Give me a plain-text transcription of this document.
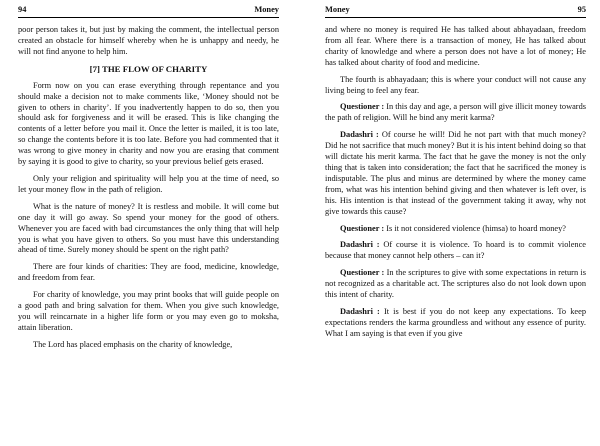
94	Money

poor person takes it, but just by making the comment, the intellectual person created an obstacle for himself whereby when he is unhappy and needy, he will not find anyone to help him.

[7] THE FLOW OF CHARITY

Form now on you can erase everything through repentance and you should make a decision not to make comments like, ‘Money should not be given to others in charity’. If you inadvertently happen to do so, then you should ask for forgiveness and it will be erased. This is like changing the contents of a letter before you mail it. Once the letter is mailed, it is too late, so change the contents before it is too late. Before you had commented that it was wrong to give money in charity and now you are erasing that comment by saying it is good to give to charity, so your previous belief gets erased.

Only your religion and spirituality will help you at the time of need, so let your money flow in the path of religion.

What is the nature of money? It is restless and mobile. It will come but one day it will go away. So spend your money for the good of others. Whenever you are faced with bad circumstances the only thing that will help you is what you have given to others. So you must have this understanding ahead of time. Surely money should be spent on the right path?

There are four kinds of charities: They are food, medicine, knowledge, and freedom from fear.

For charity of knowledge, you may print books that will guide people on a good path and bring salvation for them. When you give such knowledge, you will reincarnate in a higher life form or you may even go to moksha, attain liberation.

The Lord has placed emphasis on the charity of knowledge,

Money	95

and where no money is required He has talked about abhayadaan, freedom from all fear. Where there is a transaction of money, He has talked about charity of knowledge and where a person does not have a lot of money; He has talked about charity of food and medicine.

The fourth is abhayadaan; this is where your conduct will not cause any living being to feel any fear.

Questioner : In this day and age, a person will give illicit money towards the path of religion. Will he bind any merit karma?

Dadashri : Of course he will! Did he not part with that much money? Did he not sacrifice that much money? But it is his intent behind doing so that will dictate his merit karma. The fact that he gave the money is not the only thing that is taken into consideration; the fact that he sacrificed the money is indisputable. The plus and minus are determined by where the money came from, what was his intention behind giving and then whatever is left over, is his. His intention is that instead of the government taking it away, why not give towards this cause?

Questioner : Is it not considered violence (himsa) to hoard money?

Dadashri : Of course it is violence. To hoard is to commit violence because that money cannot help others – can it?

Questioner : In the scriptures to give with some expectations in return is not recognized as a charitable act. The scriptures also do not look down upon this intent of charity.

Dadashri : It is best if you do not keep any expectations. To keep expectations renders the karma groundless and without any essence of purity. What I am saying is that even if you give
